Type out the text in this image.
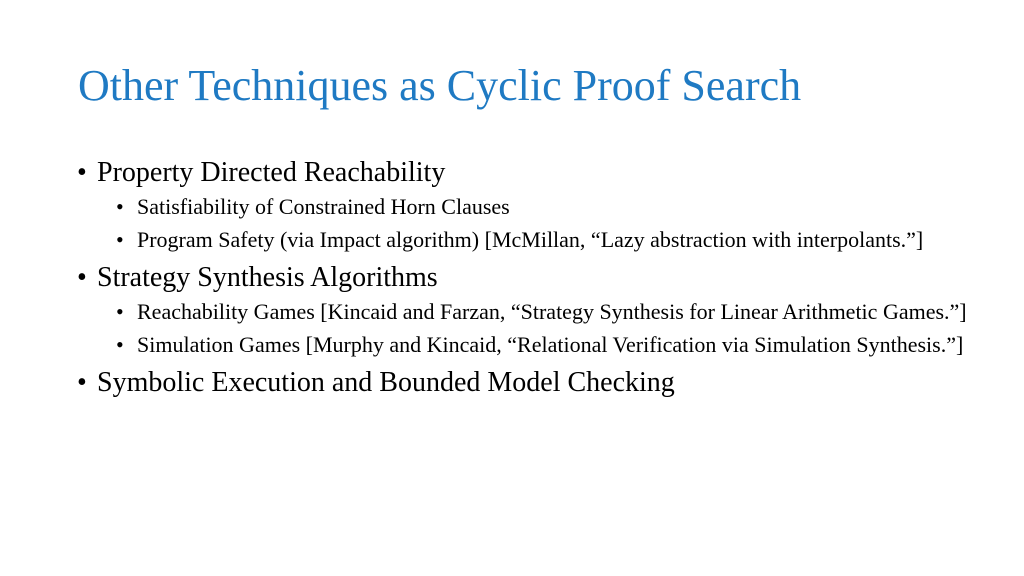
Other Techniques as Cyclic Proof Search
• Property Directed Reachability
• Satisfiability of Constrained Horn Clauses
• Program Safety (via Impact algorithm) [McMillan, “Lazy abstraction with interpolants.”]
• Strategy Synthesis Algorithms
• Reachability Games [Kincaid and Farzan, “Strategy Synthesis for Linear Arithmetic Games.”]
• Simulation Games [Murphy and Kincaid, “Relational Verification via Simulation Synthesis.”]
• Symbolic Execution and Bounded Model Checking
